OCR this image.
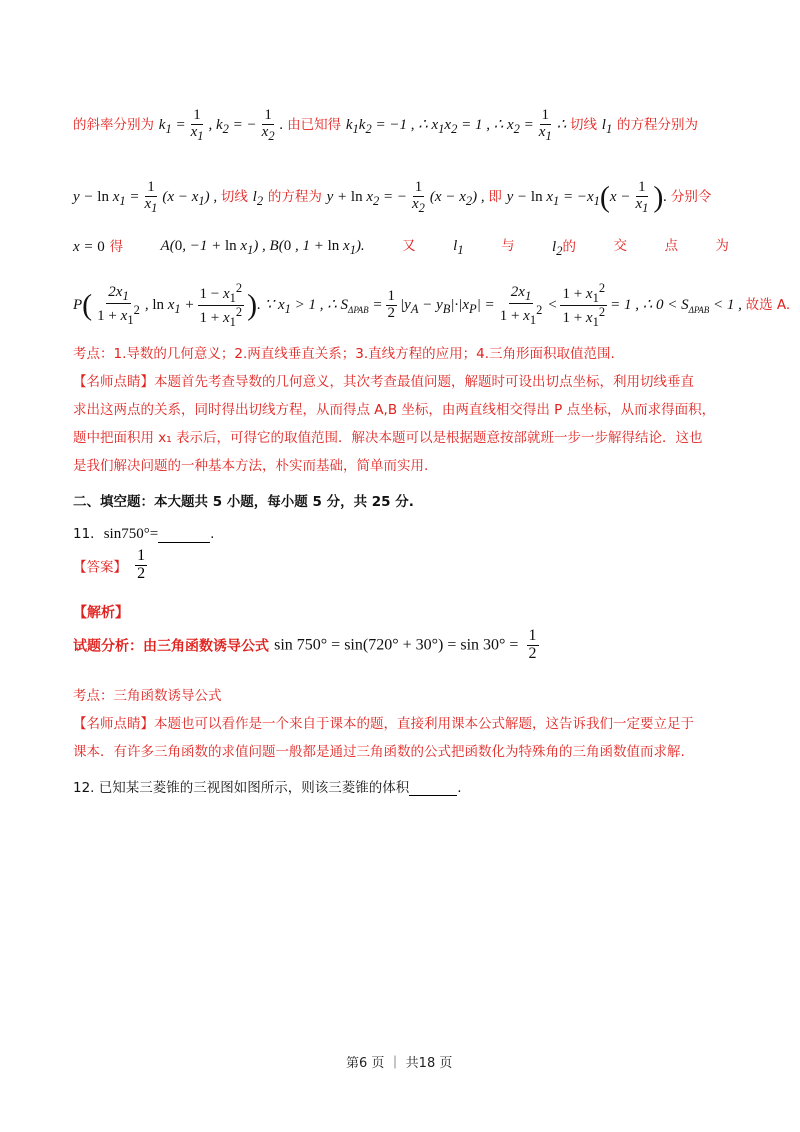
的斜率分别为 $k_1 = \frac{1}{x_1}$ , $k_2$ = − $\frac{1}{x_2}$ . 由已知得 $k_1k_2 = -1$ , ∴ $x_1x_2 = 1$ , ∴ $x_2 = \frac{1}{x_1}$ ∴ 切线 $l_1$ 的方程分别为
$y - \ln x_1 = \frac{1}{x_1} (x - x_1)$ , 切线 $l_2$ 的方程为 $y + \ln x_2$ = − $\frac{1}{x_2} (x - x_2)$ , 即 $y - \ln x_1 = -x_1(x - \frac{1}{x_1}$ ). 分别令
x = 0 得 A(0, $-1 + \ln x_1$) , B(0 , $1 + \ln x_1$).	又 $l_1$	与 $l_2$的	交	点	为
$P( \frac{2x_1}{1 + x_1^2}$ , $\ln x_1 + \frac{1 - x_1^2}{1 + x_1^2}$ ). ∵ $x_1 > 1$ , ∴ $S_{\Delta PAB} = \frac{1}{2} |y_A - y_B|\cdot|x_P| = \frac{2x_1}{1 + x_1^2} < \frac{1 + x_1^2}{1 + x_1^2} = 1$ , ∴ $0 < S_{\Delta PAB} < 1$ , 故选 A.
考点：1.导数的几何意义；2.两直线垂直关系；3.直线方程的应用；4.三角形面积取值范围.
【名师点睛】本题首先考查导数的几何意义，其次考查最值问题，解题时可设出切点坐标，利用切线垂直
求出这两点的关系，同时得出切线方程，从而得点 A,B 坐标，由两直线相交得出 P 点坐标，从而求得面积，
题中把面积用 x₁ 表示后，可得它的取值范围．解决本题可以是根据题意按部就班一步一步解得结论．这也
是我们解决问题的一种基本方法，朴实而基础，简单而实用.
二、填空题：本大题共 5 小题，每小题 5 分，共 25 分.
11．sin750°=	.
【答案】 $\frac{1}{2}$
​
【解析】
试题分析：由三角函数诱导公式 $\sin 750^\circ = \sin(720^\circ + 30^\circ) = \sin 30^\circ = \frac{1}{2}$
考点：三角函数诱导公式
【名师点睛】本题也可以看作是一个来自于课本的题，直接利用课本公式解题，这告诉我们一定要立足于
课本．有许多三角函数的求值问题一般都是通过三角函数的公式把函数化为特殊角的三角函数值而求解.
12. 已知某三菱锥的三视图如图所示，则该三菱锥的体积	.
第6 页 ｜ 共18 页
